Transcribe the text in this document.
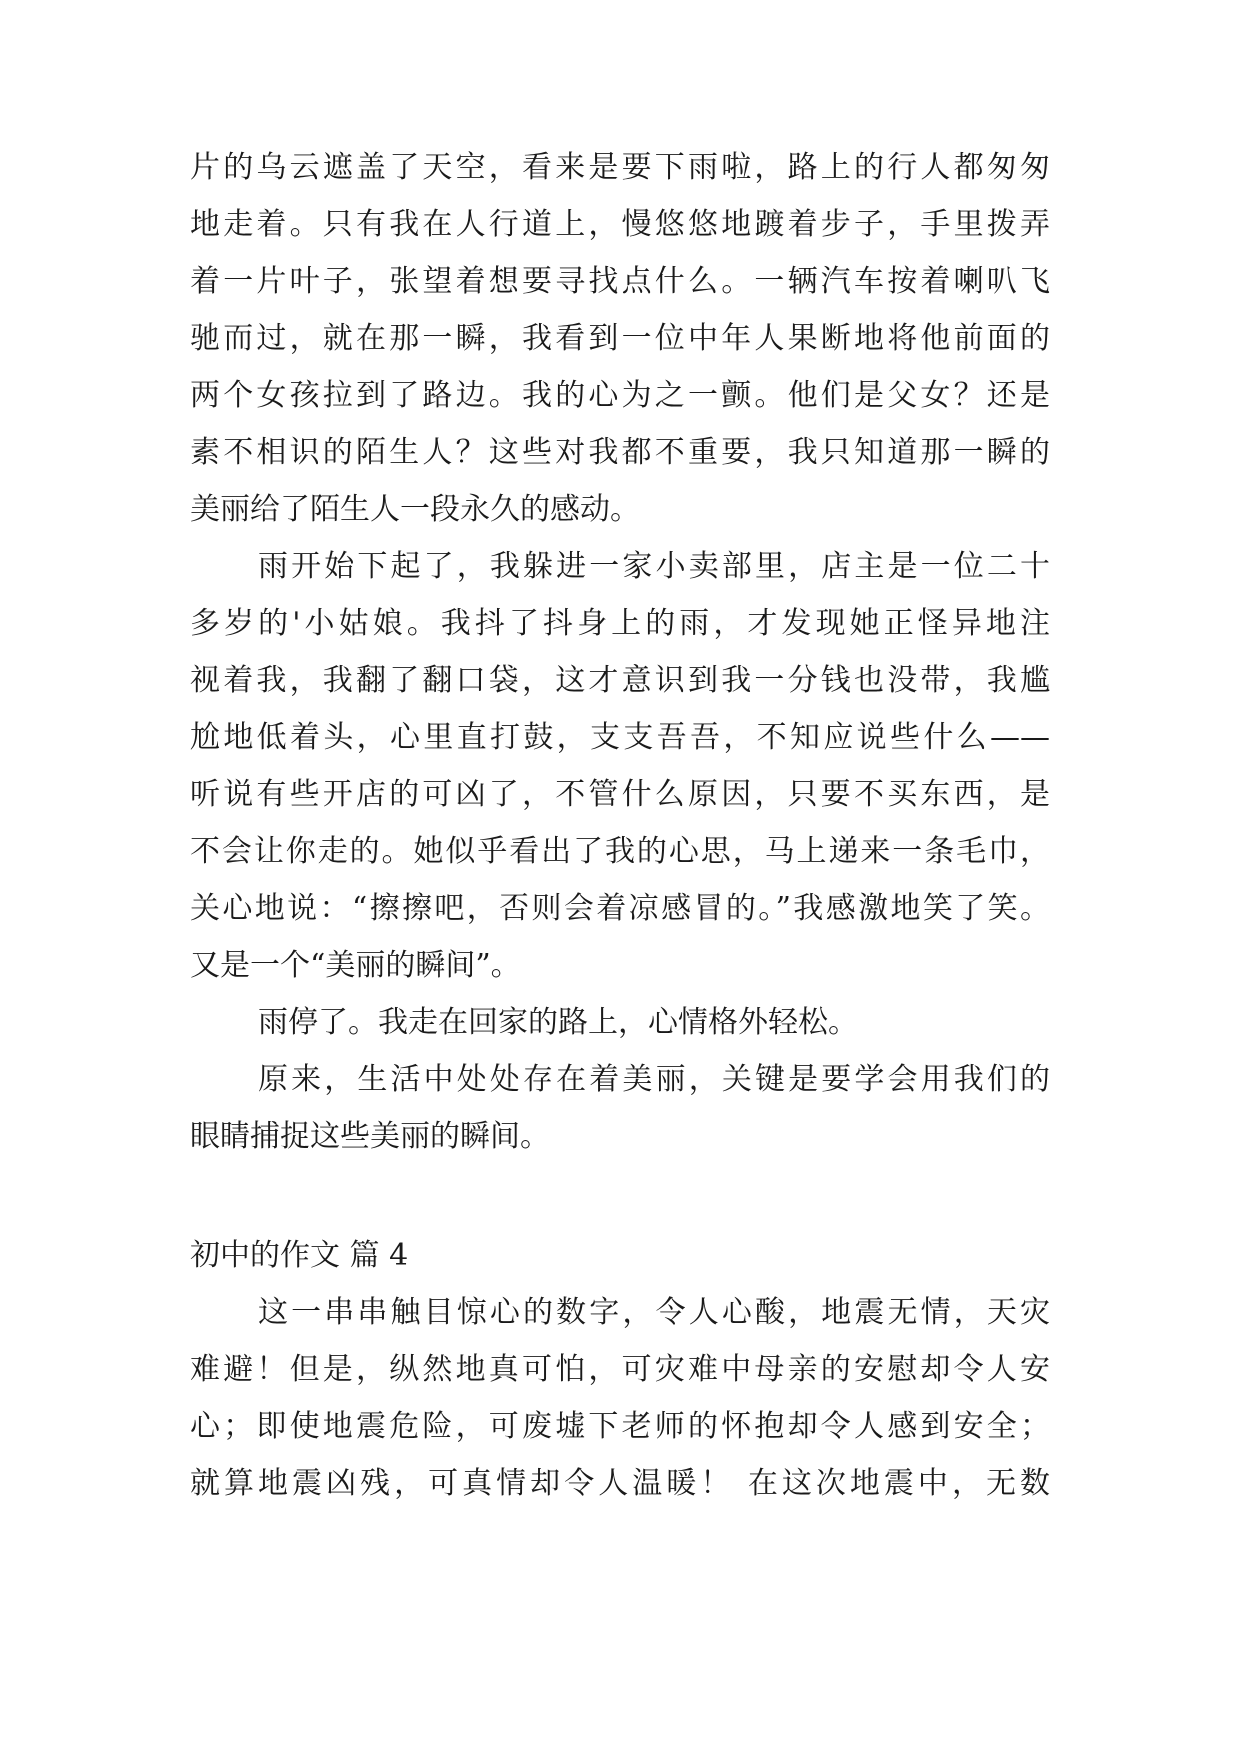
片的乌云遮盖了天空，看来是要下雨啦，路上的行人都匆匆
地走着。只有我在人行道上，慢悠悠地踱着步子，手里拨弄
着一片叶子，张望着想要寻找点什么。一辆汽车按着喇叭飞
驰而过，就在那一瞬，我看到一位中年人果断地将他前面的
两个女孩拉到了路边。我的心为之一颤。他们是父女？还是
素不相识的陌生人？这些对我都不重要，我只知道那一瞬的
美丽给了陌生人一段永久的感动。
雨开始下起了，我躲进一家小卖部里，店主是一位二十
多岁的'小姑娘。我抖了抖身上的雨，才发现她正怪异地注
视着我，我翻了翻口袋，这才意识到我一分钱也没带，我尴
尬地低着头，心里直打鼓，支支吾吾，不知应说些什么——
听说有些开店的可凶了，不管什么原因，只要不买东西，是
不会让你走的。她似乎看出了我的心思，马上递来一条毛巾，
关心地说：“擦擦吧，否则会着凉感冒的。”我感激地笑了笑。
又是一个“美丽的瞬间”。
雨停了。我走在回家的路上，心情格外轻松。
原来，生活中处处存在着美丽，关键是要学会用我们的
眼睛捕捉这些美丽的瞬间。
初中的作文 篇 4
这一串串触目惊心的数字，令人心酸，地震无情，天灾
难避！但是，纵然地真可怕，可灾难中母亲的安慰却令人安
心；即使地震危险，可废墟下老师的怀抱却令人感到安全；
就算地震凶残，可真情却令人温暖！ 在这次地震中，无数
